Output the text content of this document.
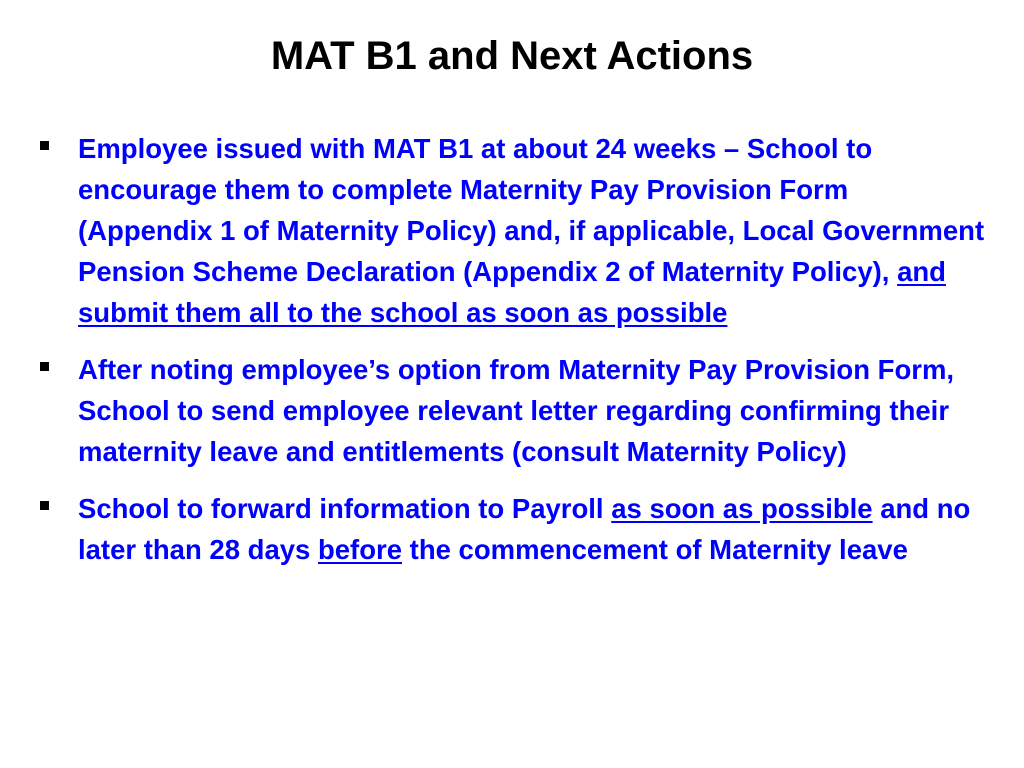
MAT B1 and Next Actions
Employee issued with MAT B1 at about 24 weeks – School to encourage them to complete Maternity Pay Provision Form (Appendix 1 of Maternity Policy) and, if applicable, Local Government Pension Scheme Declaration (Appendix 2 of Maternity Policy), and submit them all to the school as soon as possible
After noting employee’s option from Maternity Pay Provision Form, School to send employee relevant letter regarding confirming their maternity leave and entitlements (consult Maternity Policy)
School to forward information to Payroll as soon as possible and no later than 28 days before the commencement of Maternity leave
